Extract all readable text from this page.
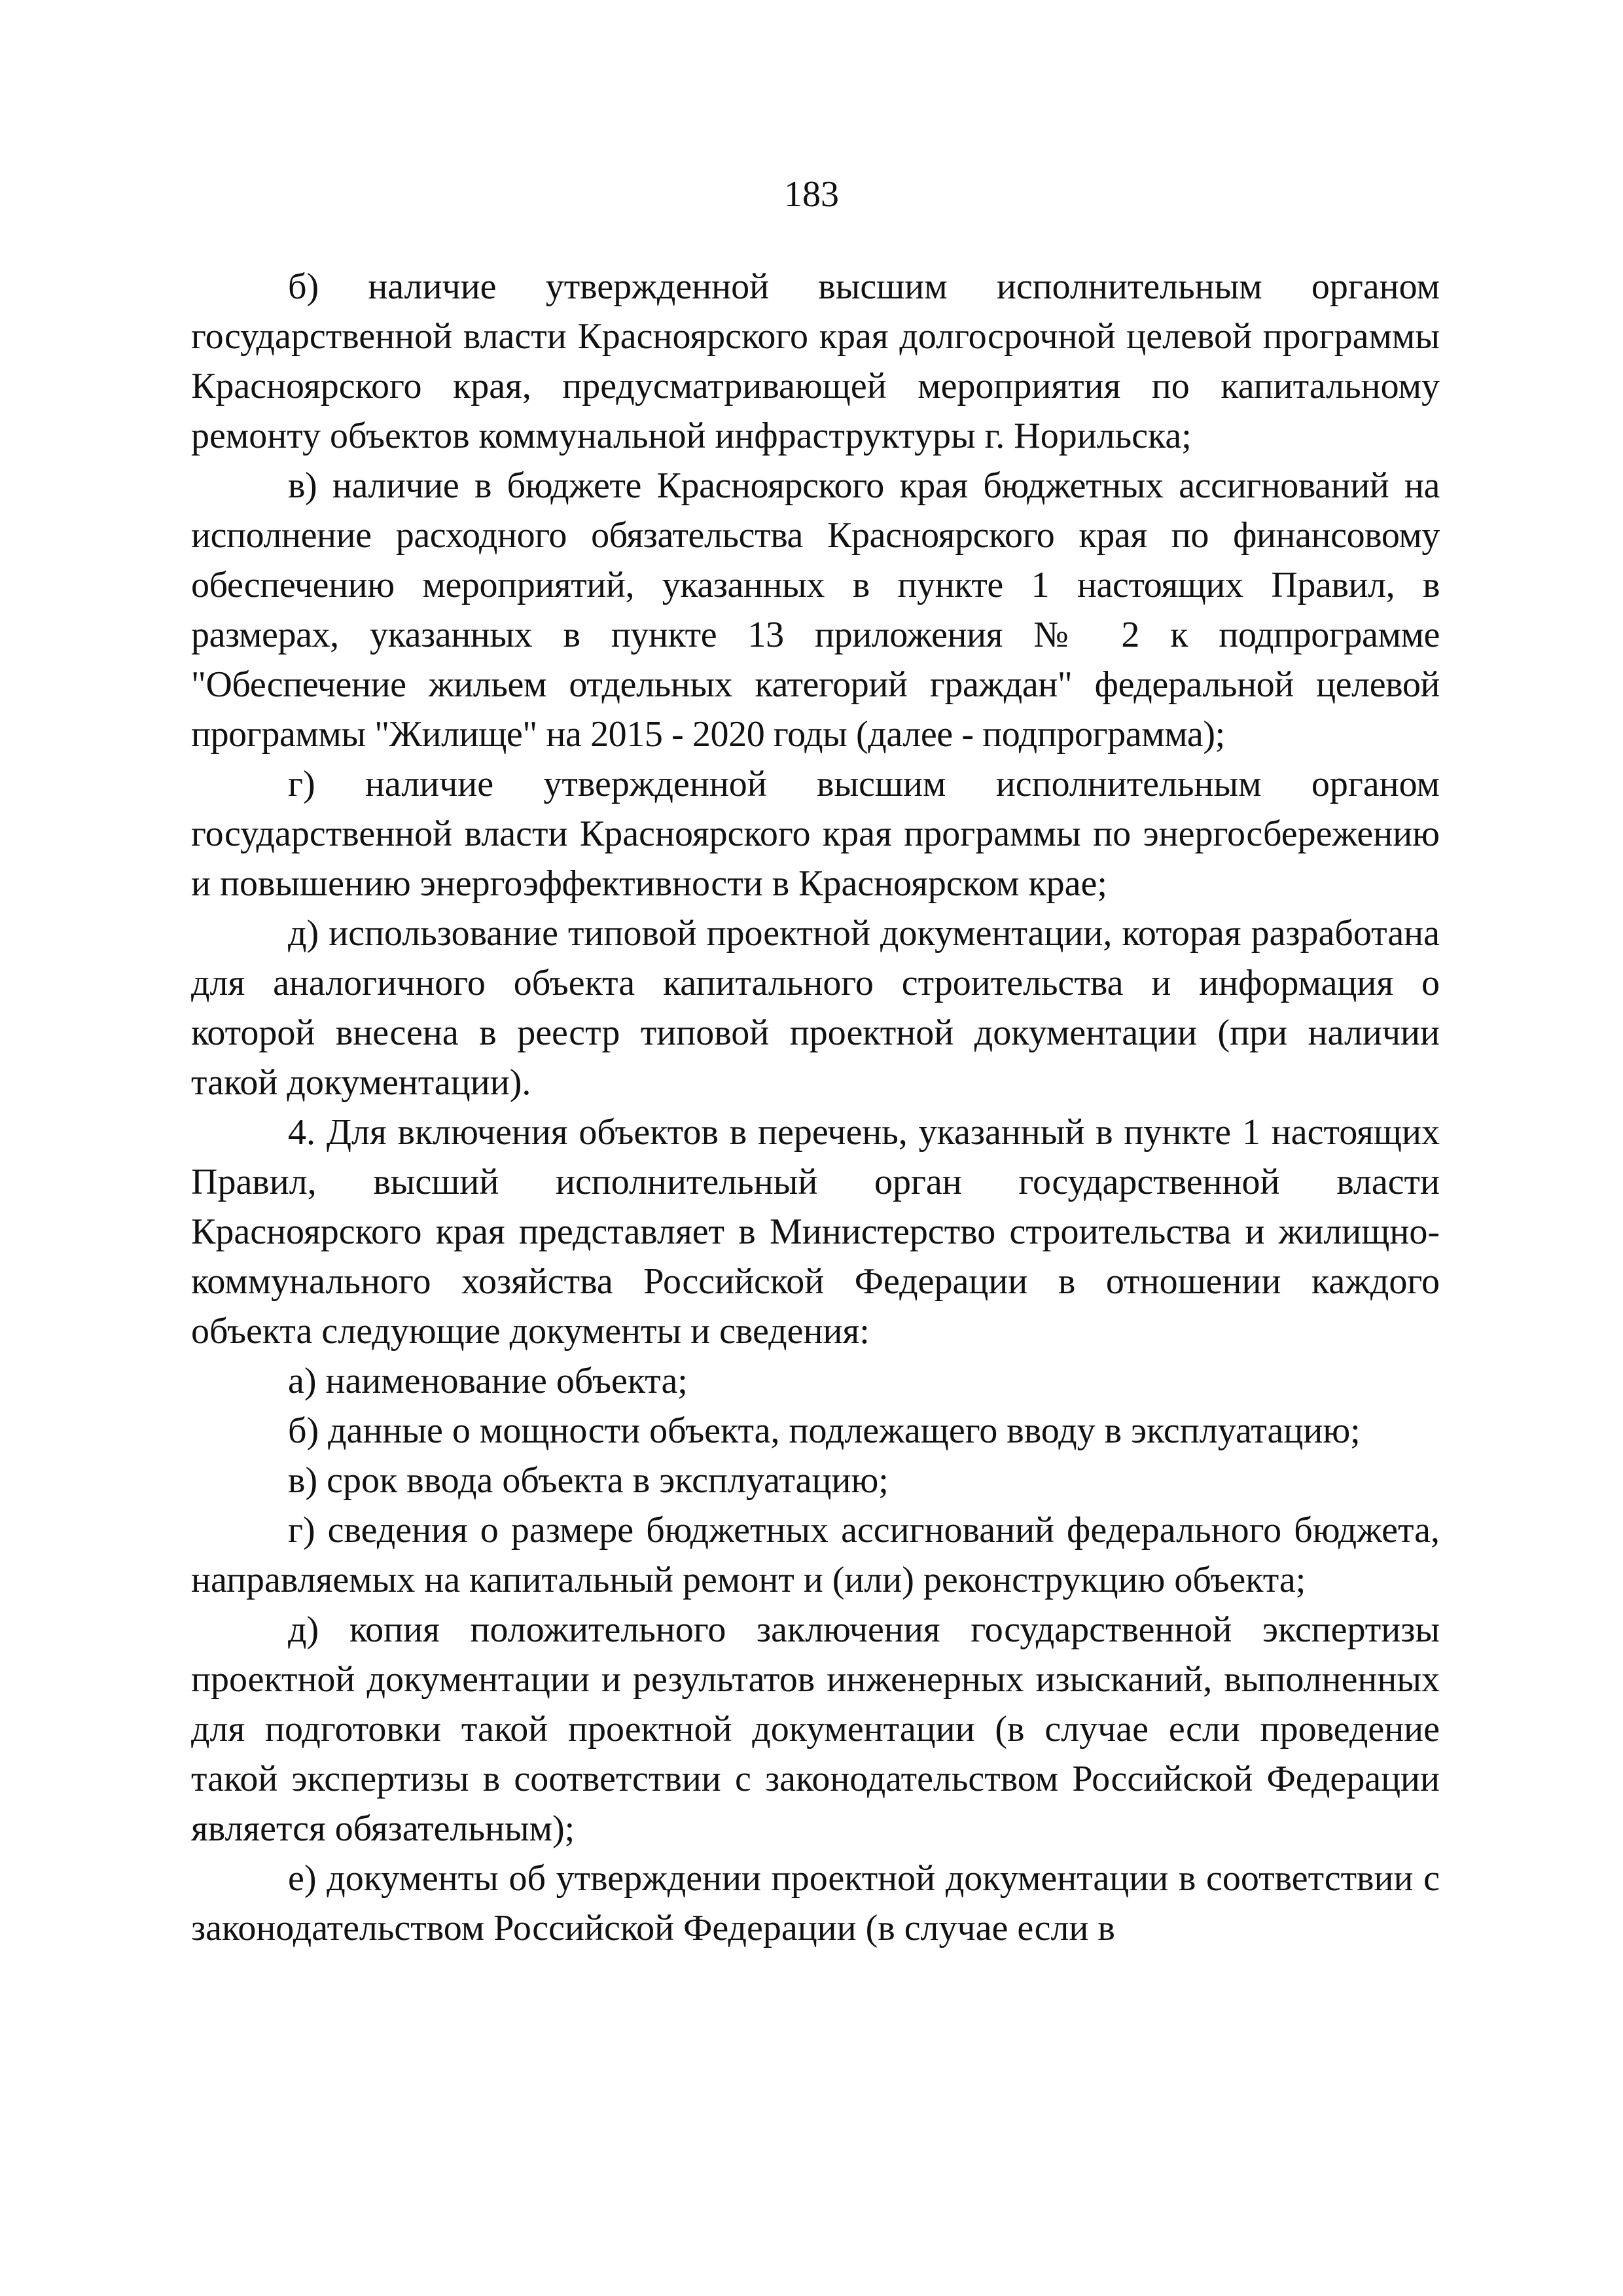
183

б) наличие утвержденной высшим исполнительным органом государственной власти Красноярского края долгосрочной целевой программы Красноярского края, предусматривающей мероприятия по капитальному ремонту объектов коммунальной инфраструктуры г. Норильска;

в) наличие в бюджете Красноярского края бюджетных ассигнований на исполнение расходного обязательства Красноярского края по финансовому обеспечению мероприятий, указанных в пункте 1 настоящих Правил, в размерах, указанных в пункте 13 приложения № 2 к подпрограмме "Обеспечение жильем отдельных категорий граждан" федеральной целевой программы "Жилище" на 2015 - 2020 годы (далее - подпрограмма);

г) наличие утвержденной высшим исполнительным органом государственной власти Красноярского края программы по энергосбережению и повышению энергоэффективности в Красноярском крае;

д) использование типовой проектной документации, которая разработана для аналогичного объекта капитального строительства и информация о которой внесена в реестр типовой проектной документации (при наличии такой документации).

4. Для включения объектов в перечень, указанный в пункте 1 настоящих Правил, высший исполнительный орган государственной власти Красноярского края представляет в Министерство строительства и жилищно-коммунального хозяйства Российской Федерации в отношении каждого объекта следующие документы и сведения:

а) наименование объекта;

б) данные о мощности объекта, подлежащего вводу в эксплуатацию;

в) срок ввода объекта в эксплуатацию;

г) сведения о размере бюджетных ассигнований федерального бюджета, направляемых на капитальный ремонт и (или) реконструкцию объекта;

д) копия положительного заключения государственной экспертизы проектной документации и результатов инженерных изысканий, выполненных для подготовки такой проектной документации (в случае если проведение такой экспертизы в соответствии с законодательством Российской Федерации является обязательным);

е) документы об утверждении проектной документации в соответствии с законодательством Российской Федерации (в случае если в
